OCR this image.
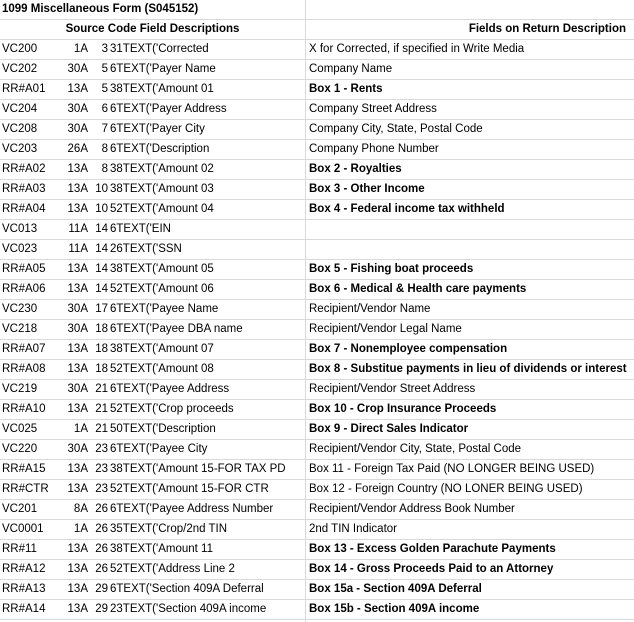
1099 Miscellaneous Form (S045152)
Source Code Field Descriptions	Fields on Return Description
VC200	1A	3 31TEXT('Corrected	X for Corrected, if specified in Write Media
VC202	30A	5 6TEXT('Payer Name	Company Name
RR#A01	13A	5 38TEXT('Amount 01	Box 1 - Rents
VC204	30A	6 6TEXT('Payer Address	Company Street Address
VC208	30A	7 6TEXT('Payer City	Company City, State, Postal Code
VC203	26A	8 6TEXT('Description	Company Phone Number
RR#A02	13A	8 38TEXT('Amount 02	Box 2 - Royalties
RR#A03	13A 10 38TEXT('Amount 03	Box 3 - Other Income
RR#A04	13A 10 52TEXT('Amount 04	Box 4 - Federal income tax withheld
VC013	11A 14 6TEXT('EIN
VC023	11A 14 26TEXT('SSN
RR#A05	13A 14 38TEXT('Amount 05	Box 5 - Fishing boat proceeds
RR#A06	13A 14 52TEXT('Amount 06	Box 6 - Medical & Health care payments
VC230	30A 17 6TEXT('Payee Name	Recipient/Vendor Name
VC218	30A 18 6TEXT('Payee DBA name	Recipient/Vendor Legal Name
RR#A07	13A 18 38TEXT('Amount 07	Box 7 - Nonemployee compensation
RR#A08	13A 18 52TEXT('Amount 08	Box 8 - Substitue payments in lieu of dividends or interest
VC219	30A 21 6TEXT('Payee Address	Recipient/Vendor Street Address
RR#A10	13A 21 52TEXT('Crop proceeds	Box 10 - Crop Insurance Proceeds
VC025	1A 21 50TEXT('Description	Box 9 - Direct Sales Indicator
VC220	30A 23 6TEXT('Payee City	Recipient/Vendor City, State, Postal Code
RR#A15	13A 23 38TEXT('Amount 15-FOR TAX PD	Box 11 - Foreign Tax Paid (NO LONGER BEING USED)
RR#CTR	13A 23 52TEXT('Amount 15-FOR CTR	Box 12 - Foreign Country (NO LONER BEING USED)
VC201	8A 26 6TEXT('Payee Address Number	Recipient/Vendor Address Book Number
VC0001	1A 26 35TEXT('Crop/2nd TIN	2nd TIN Indicator
RR#11	13A 26 38TEXT('Amount 11	Box 13 - Excess Golden Parachute Payments
RR#A12	13A 26 52TEXT('Address Line 2	Box 14 - Gross Proceeds Paid to an Attorney
RR#A13	13A 29 6TEXT('Section 409A Deferral	Box 15a - Section 409A Deferral
RR#A14	13A 29 23TEXT('Section 409A income	Box 15b - Section 409A income
